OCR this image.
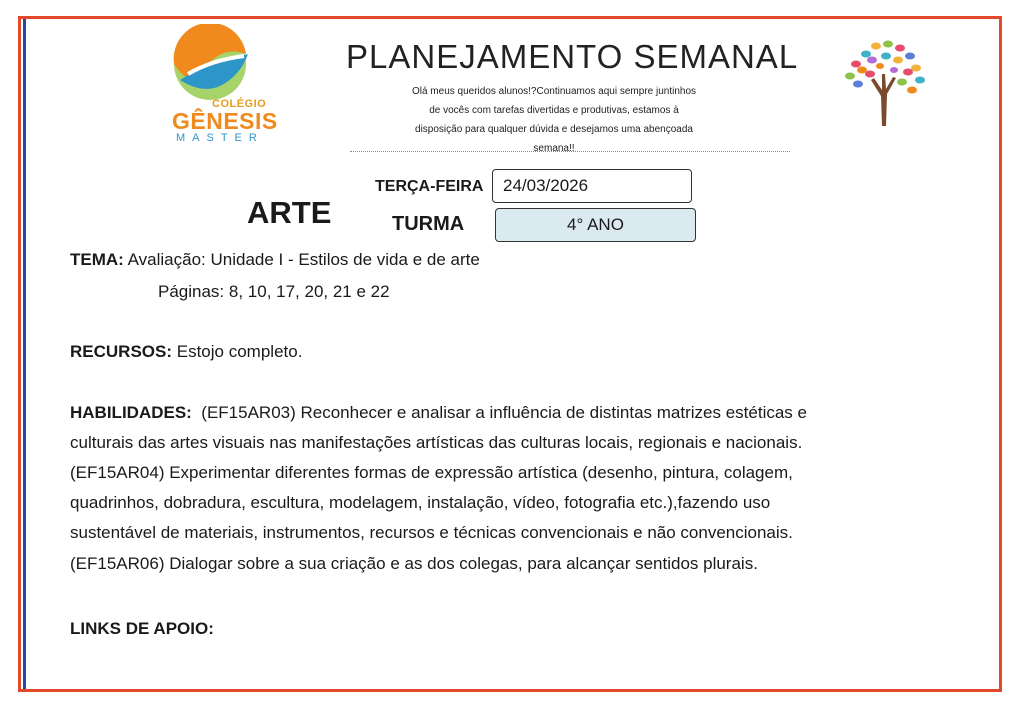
COLÉGIO
GÊNESIS
MASTER
PLANEJAMENTO SEMANAL
Olá meus queridos alunos!?Continuamos aqui sempre juntinhos
de vocês com tarefas divertidas e produtivas, estamos à
disposição para qualquer dúvida e desejamos uma abençoada
semana!!
TERÇA-FEIRA	24/03/2026
ARTE	TURMA	4° ANO
TEMA: Avaliação: Unidade I - Estilos de vida e de arte
Páginas: 8, 10, 17, 20, 21 e 22
RECURSOS: Estojo completo.
HABILIDADES: (EF15AR03) Reconhecer e analisar a influência de distintas matrizes estéticas e
culturais das artes visuais nas manifestações artísticas das culturas locais, regionais e nacionais.
(EF15AR04) Experimentar diferentes formas de expressão artística (desenho, pintura, colagem,
quadrinhos, dobradura, escultura, modelagem, instalação, vídeo, fotografia etc.),fazendo uso
sustentável de materiais, instrumentos, recursos e técnicas convencionais e não convencionais.
(EF15AR06) Dialogar sobre a sua criação e as dos colegas, para alcançar sentidos plurais.
LINKS DE APOIO:
